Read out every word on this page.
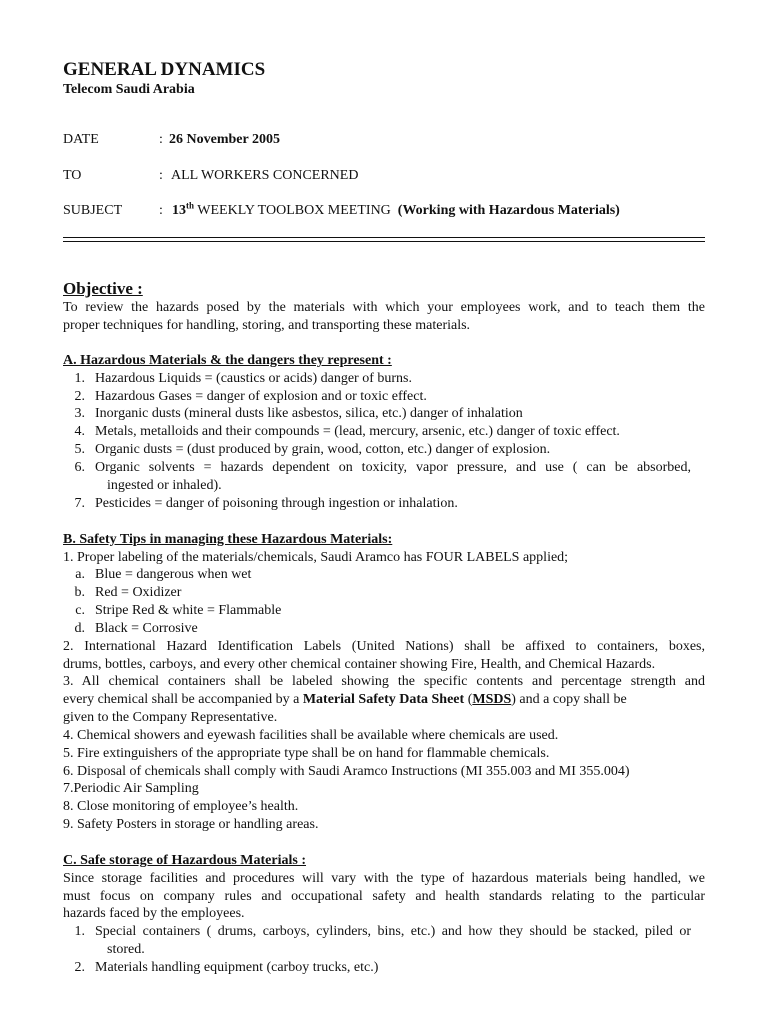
GENERAL DYNAMICS
Telecom Saudi Arabia
DATE	: 26 November 2005
TO	: ALL WORKERS CONCERNED
SUBJECT	: 13th WEEKLY TOOLBOX MEETING (Working with Hazardous Materials)
Objective :
To review the hazards posed by the materials with which your employees work, and to teach them the
proper techniques for handling, storing, and transporting these materials.
A. Hazardous Materials & the dangers they represent :
1. Hazardous Liquids = (caustics or acids) danger of burns.
2. Hazardous Gases = danger of explosion and or toxic effect.
3. Inorganic dusts (mineral dusts like asbestos, silica, etc.) danger of inhalation
4. Metals, metalloids and their compounds = (lead, mercury, arsenic, etc.) danger of toxic effect.
5. Organic dusts = (dust produced by grain, wood, cotton, etc.) danger of explosion.
6. Organic solvents = hazards dependent on toxicity, vapor pressure, and use ( can be absorbed,
ingested or inhaled).
7. Pesticides = danger of poisoning through ingestion or inhalation.
B. Safety Tips in managing these Hazardous Materials:
1. Proper labeling of the materials/chemicals, Saudi Aramco has FOUR LABELS applied;
a. Blue = dangerous when wet
b. Red = Oxidizer
c. Stripe Red & white = Flammable
d. Black = Corrosive
2. International Hazard Identification Labels (United Nations) shall be affixed to containers, boxes,
drums, bottles, carboys, and every other chemical container showing Fire, Health, and Chemical Hazards.
3. All chemical containers shall be labeled showing the specific contents and percentage strength and
every chemical shall be accompanied by a Material Safety Data Sheet (MSDS) and a copy shall be
given to the Company Representative.
4. Chemical showers and eyewash facilities shall be available where chemicals are used.
5. Fire extinguishers of the appropriate type shall be on hand for flammable chemicals.
6. Disposal of chemicals shall comply with Saudi Aramco Instructions (MI 355.003 and MI 355.004)
7.Periodic Air Sampling
8. Close monitoring of employee’s health.
9. Safety Posters in storage or handling areas.
C. Safe storage of Hazardous Materials :
Since storage facilities and procedures will vary with the type of hazardous materials being handled, we
must focus on company rules and occupational safety and health standards relating to the particular
hazards faced by the employees.
1. Special containers ( drums, carboys, cylinders, bins, etc.) and how they should be stacked, piled or
stored.
2. Materials handling equipment (carboy trucks, etc.)
